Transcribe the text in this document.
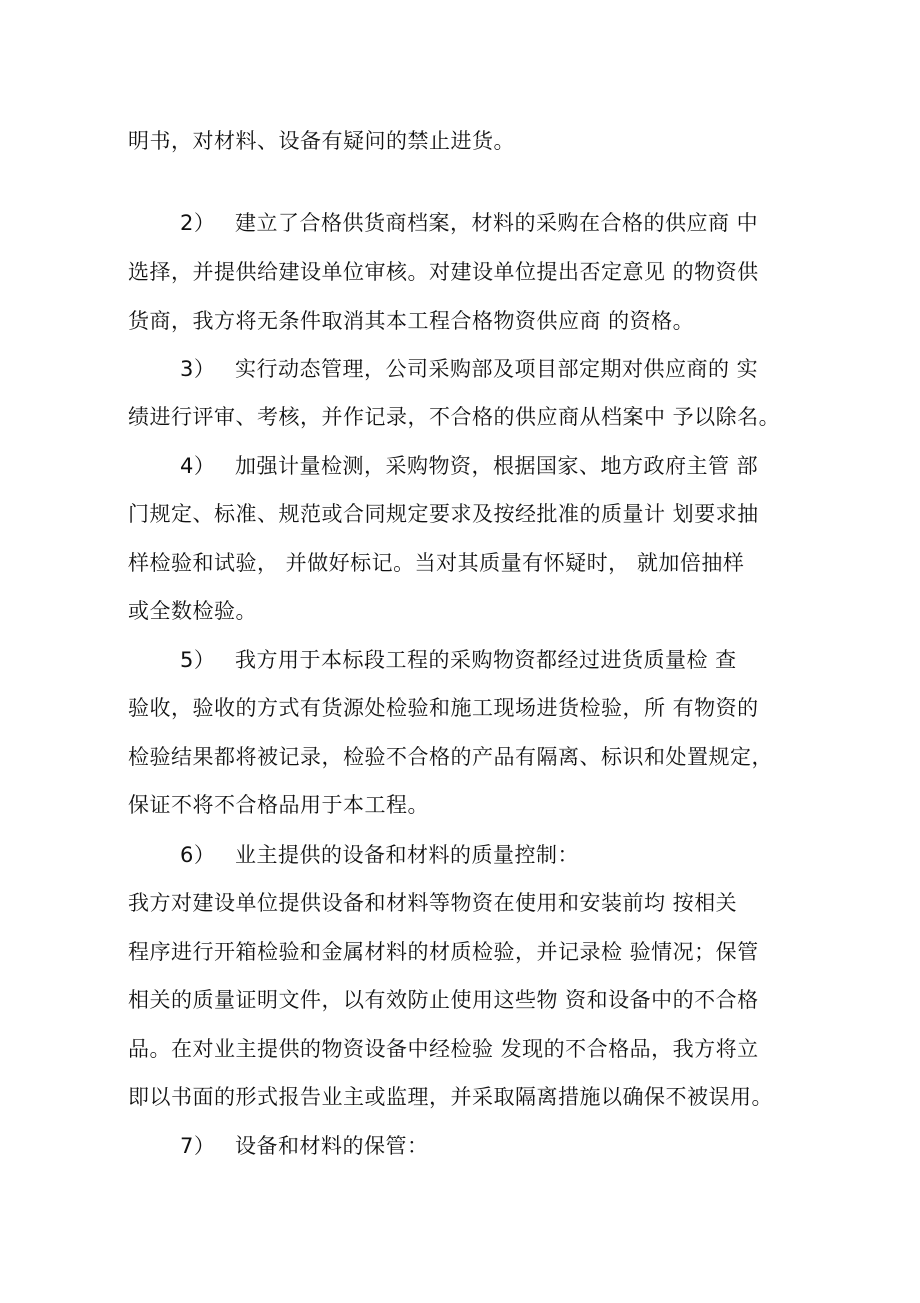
明书，对材料、设备有疑问的禁止进货。
2） 建立了合格供货商档案，材料的采购在合格的供应商 中
选择，并提供给建设单位审核。对建设单位提出否定意见 的物资供
货商，我方将无条件取消其本工程合格物资供应商 的资格。
3） 实行动态管理，公司采购部及项目部定期对供应商的 实
绩进行评审、考核，并作记录，不合格的供应商从档案中 予以除名。
4） 加强计量检测，采购物资，根据国家、地方政府主管 部
门规定、标准、规范或合同规定要求及按经批准的质量计 划要求抽
样检验和试验， 并做好标记。当对其质量有怀疑时， 就加倍抽样
或全数检验。
5） 我方用于本标段工程的采购物资都经过进货质量检 查
验收，验收的方式有货源处检验和施工现场进货检验，所 有物资的
检验结果都将被记录，检验不合格的产品有隔离、标识和处置规定，
保证不将不合格品用于本工程。
6） 业主提供的设备和材料的质量控制：
我方对建设单位提供设备和材料等物资在使用和安装前均 按相关
程序进行开箱检验和金属材料的材质检验，并记录检 验情况；保管
相关的质量证明文件，以有效防止使用这些物 资和设备中的不合格
品。在对业主提供的物资设备中经检验 发现的不合格品，我方将立
即以书面的形式报告业主或监理，并采取隔离措施以确保不被误用。
7） 设备和材料的保管：
